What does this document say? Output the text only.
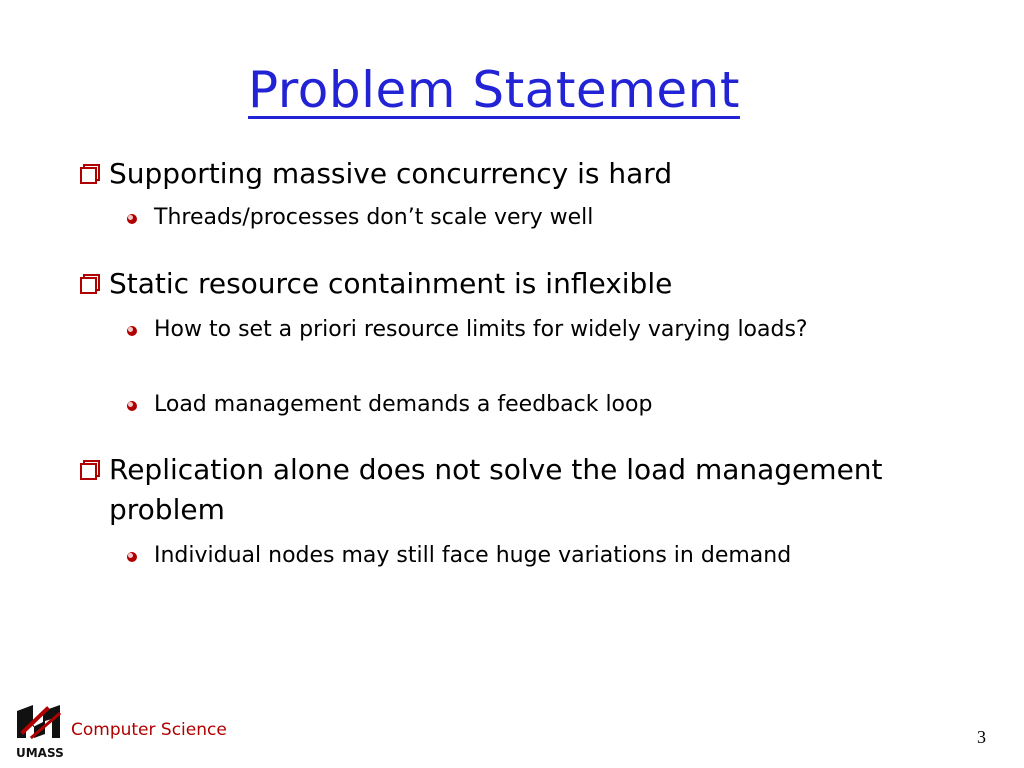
Problem Statement
Supporting massive concurrency is hard
Threads/processes don’t scale very well
Static resource containment is inflexible
How to set a priori resource limits for widely varying loads?
Load management demands a feedback loop
Replication alone does not solve the load management problem
Individual nodes may still face huge variations in demand
UMASS
Computer Science	3
